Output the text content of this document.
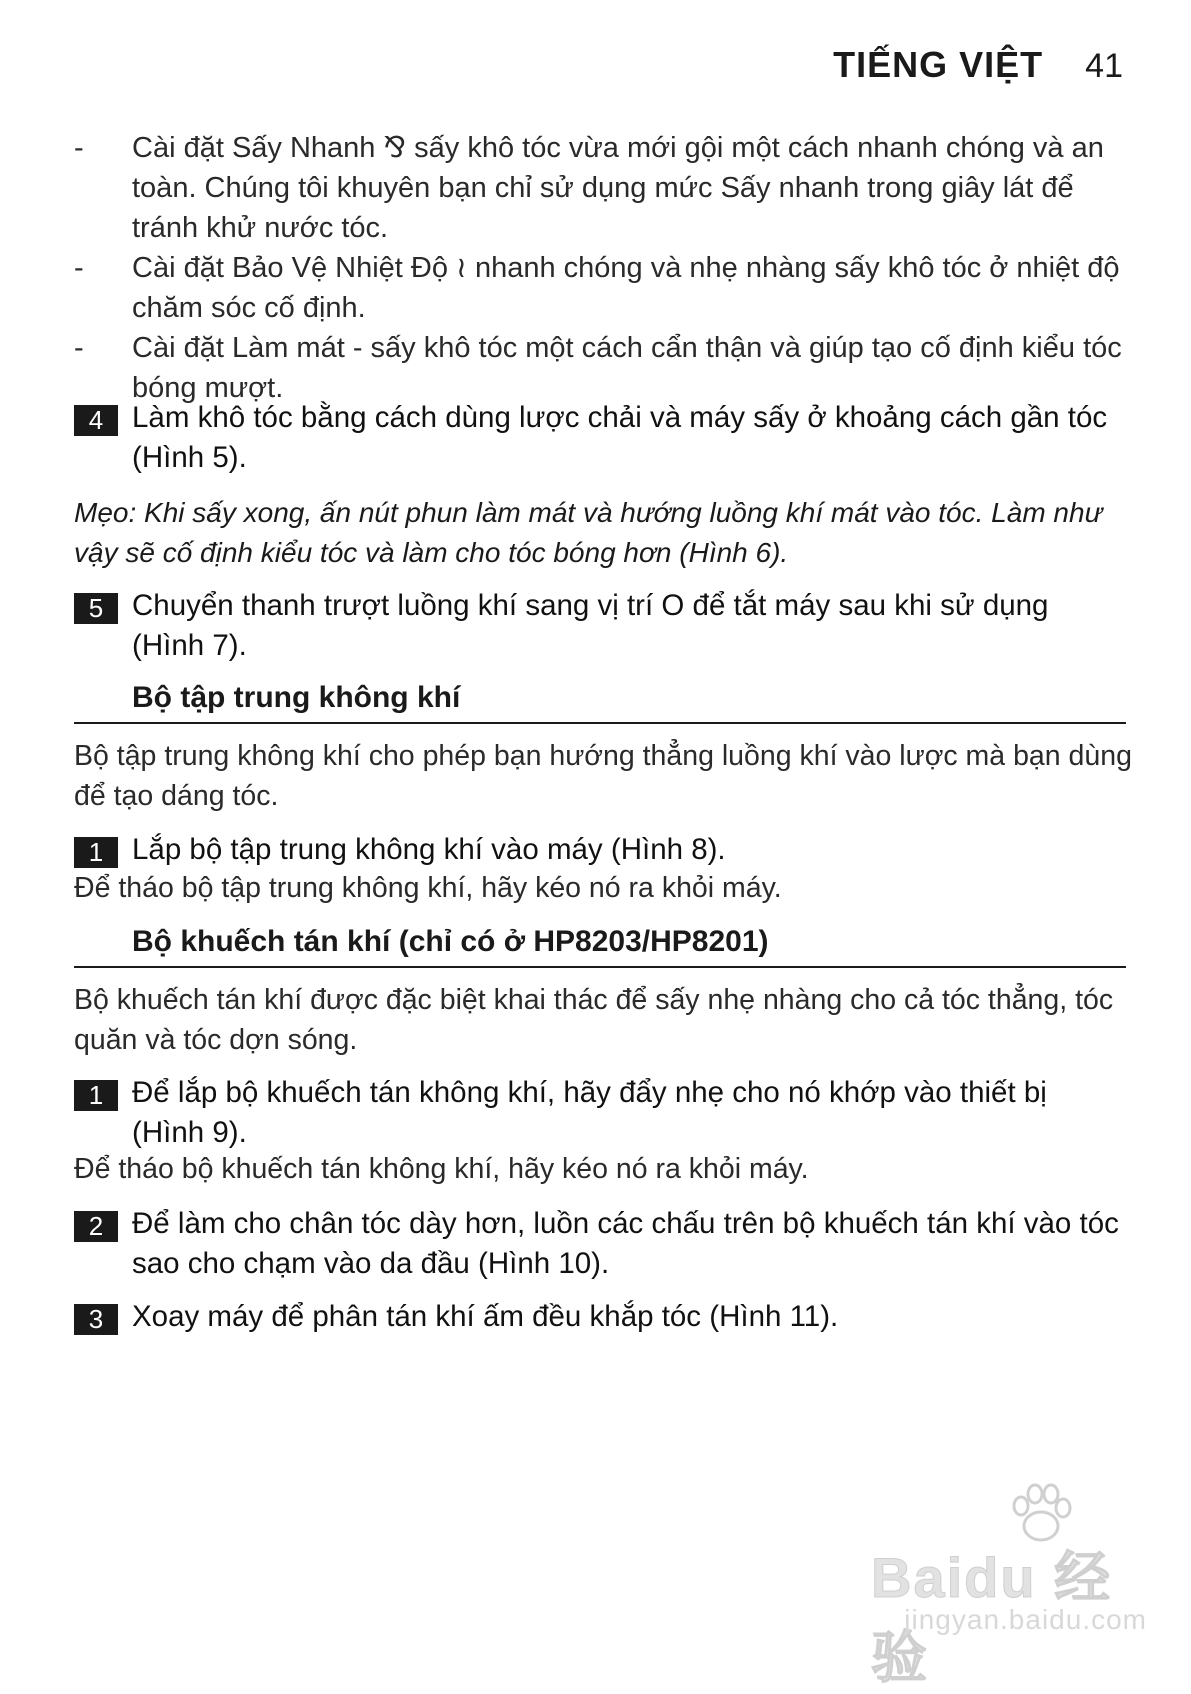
TIẾNG VIỆT 41
- Cài đặt Sấy Nhanh ⅋ sấy khô tóc vừa mới gội một cách nhanh chóng và an toàn. Chúng tôi khuyên bạn chỉ sử dụng mức Sấy nhanh trong giây lát để tránh khử nước tóc.
- Cài đặt Bảo Vệ Nhiệt Độ ≀ nhanh chóng và nhẹ nhàng sấy khô tóc ở nhiệt độ chăm sóc cố định.
- Cài đặt Làm mát - sấy khô tóc một cách cẩn thận và giúp tạo cố định kiểu tóc bóng mượt.
4 Làm khô tóc bằng cách dùng lược chải và máy sấy ở khoảng cách gần tóc (Hình 5).
Mẹo: Khi sấy xong, ấn nút phun làm mát và hướng luồng khí mát vào tóc. Làm như vậy sẽ cố định kiểu tóc và làm cho tóc bóng hơn (Hình 6).
5 Chuyển thanh trượt luồng khí sang vị trí O để tắt máy sau khi sử dụng (Hình 7).
Bộ tập trung không khí
Bộ tập trung không khí cho phép bạn hướng thẳng luồng khí vào lược mà bạn dùng để tạo dáng tóc.
1 Lắp bộ tập trung không khí vào máy (Hình 8).
Để tháo bộ tập trung không khí, hãy kéo nó ra khỏi máy.
Bộ khuếch tán khí (chỉ có ở HP8203/HP8201)
Bộ khuếch tán khí được đặc biệt khai thác để sấy nhẹ nhàng cho cả tóc thẳng, tóc quăn và tóc dợn sóng.
1 Để lắp bộ khuếch tán không khí, hãy đẩy nhẹ cho nó khớp vào thiết bị (Hình 9).
Để tháo bộ khuếch tán không khí, hãy kéo nó ra khỏi máy.
2 Để làm cho chân tóc dày hơn, luồn các chấu trên bộ khuếch tán khí vào tóc sao cho chạm vào da đầu (Hình 10).
3 Xoay máy để phân tán khí ấm đều khắp tóc (Hình 11).
Baidu 经验
jingyan.baidu.com
